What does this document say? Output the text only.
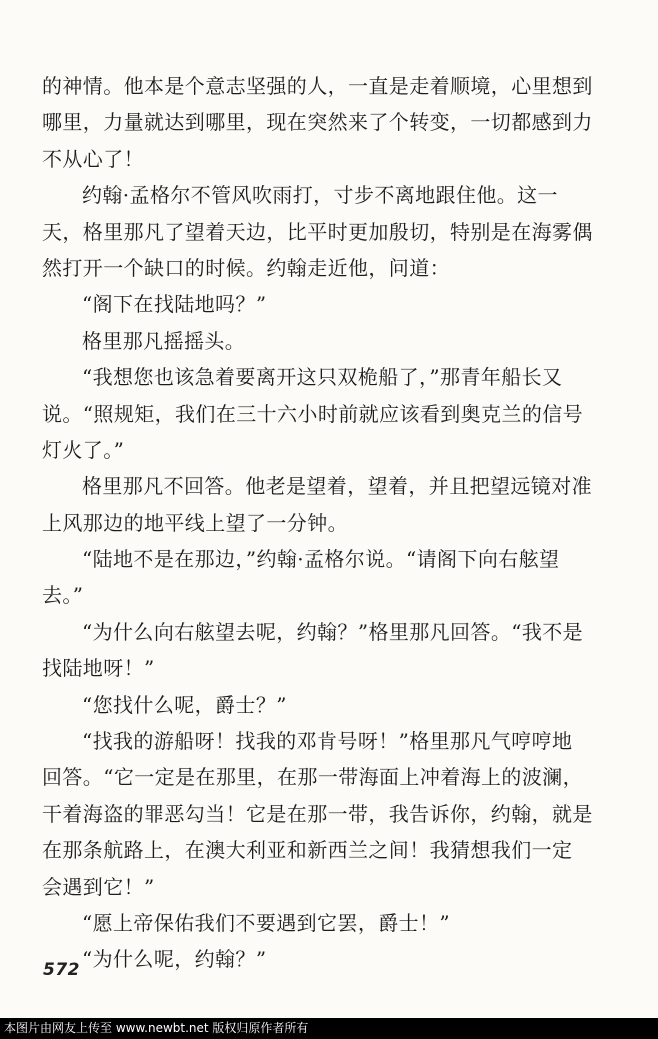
的神情。他本是个意志坚强的人，一直是走着顺境，心里想到
哪里，力量就达到哪里，现在突然来了个转变，一切都感到力
不从心了！
约翰·孟格尔不管风吹雨打，寸步不离地跟住他。这一
天，格里那凡了望着天边，比平时更加殷切，特别是在海雾偶
然打开一个缺口的时候。约翰走近他，问道：
“阁下在找陆地吗？”
格里那凡摇摇头。
“我想您也该急着要离开这只双桅船了，”那青年船长又
说。“照规矩，我们在三十六小时前就应该看到奥克兰的信号
灯火了。”
格里那凡不回答。他老是望着，望着，并且把望远镜对准
上风那边的地平线上望了一分钟。
“陆地不是在那边，”约翰·孟格尔说。“请阁下向右舷望
去。”
“为什么向右舷望去呢，约翰？”格里那凡回答。“我不是
找陆地呀！”
“您找什么呢，爵士？”
“找我的游船呀！找我的邓肯号呀！”格里那凡气哼哼地
回答。“它一定是在那里，在那一带海面上冲着海上的波澜，
干着海盗的罪恶勾当！它是在那一带，我告诉你，约翰，就是
在那条航路上，在澳大利亚和新西兰之间！我猜想我们一定
会遇到它！”
“愿上帝保佑我们不要遇到它罢，爵士！”
“为什么呢，约翰？”
572
本图片由网友上传至 www.newbt.net 版权归原作者所有
